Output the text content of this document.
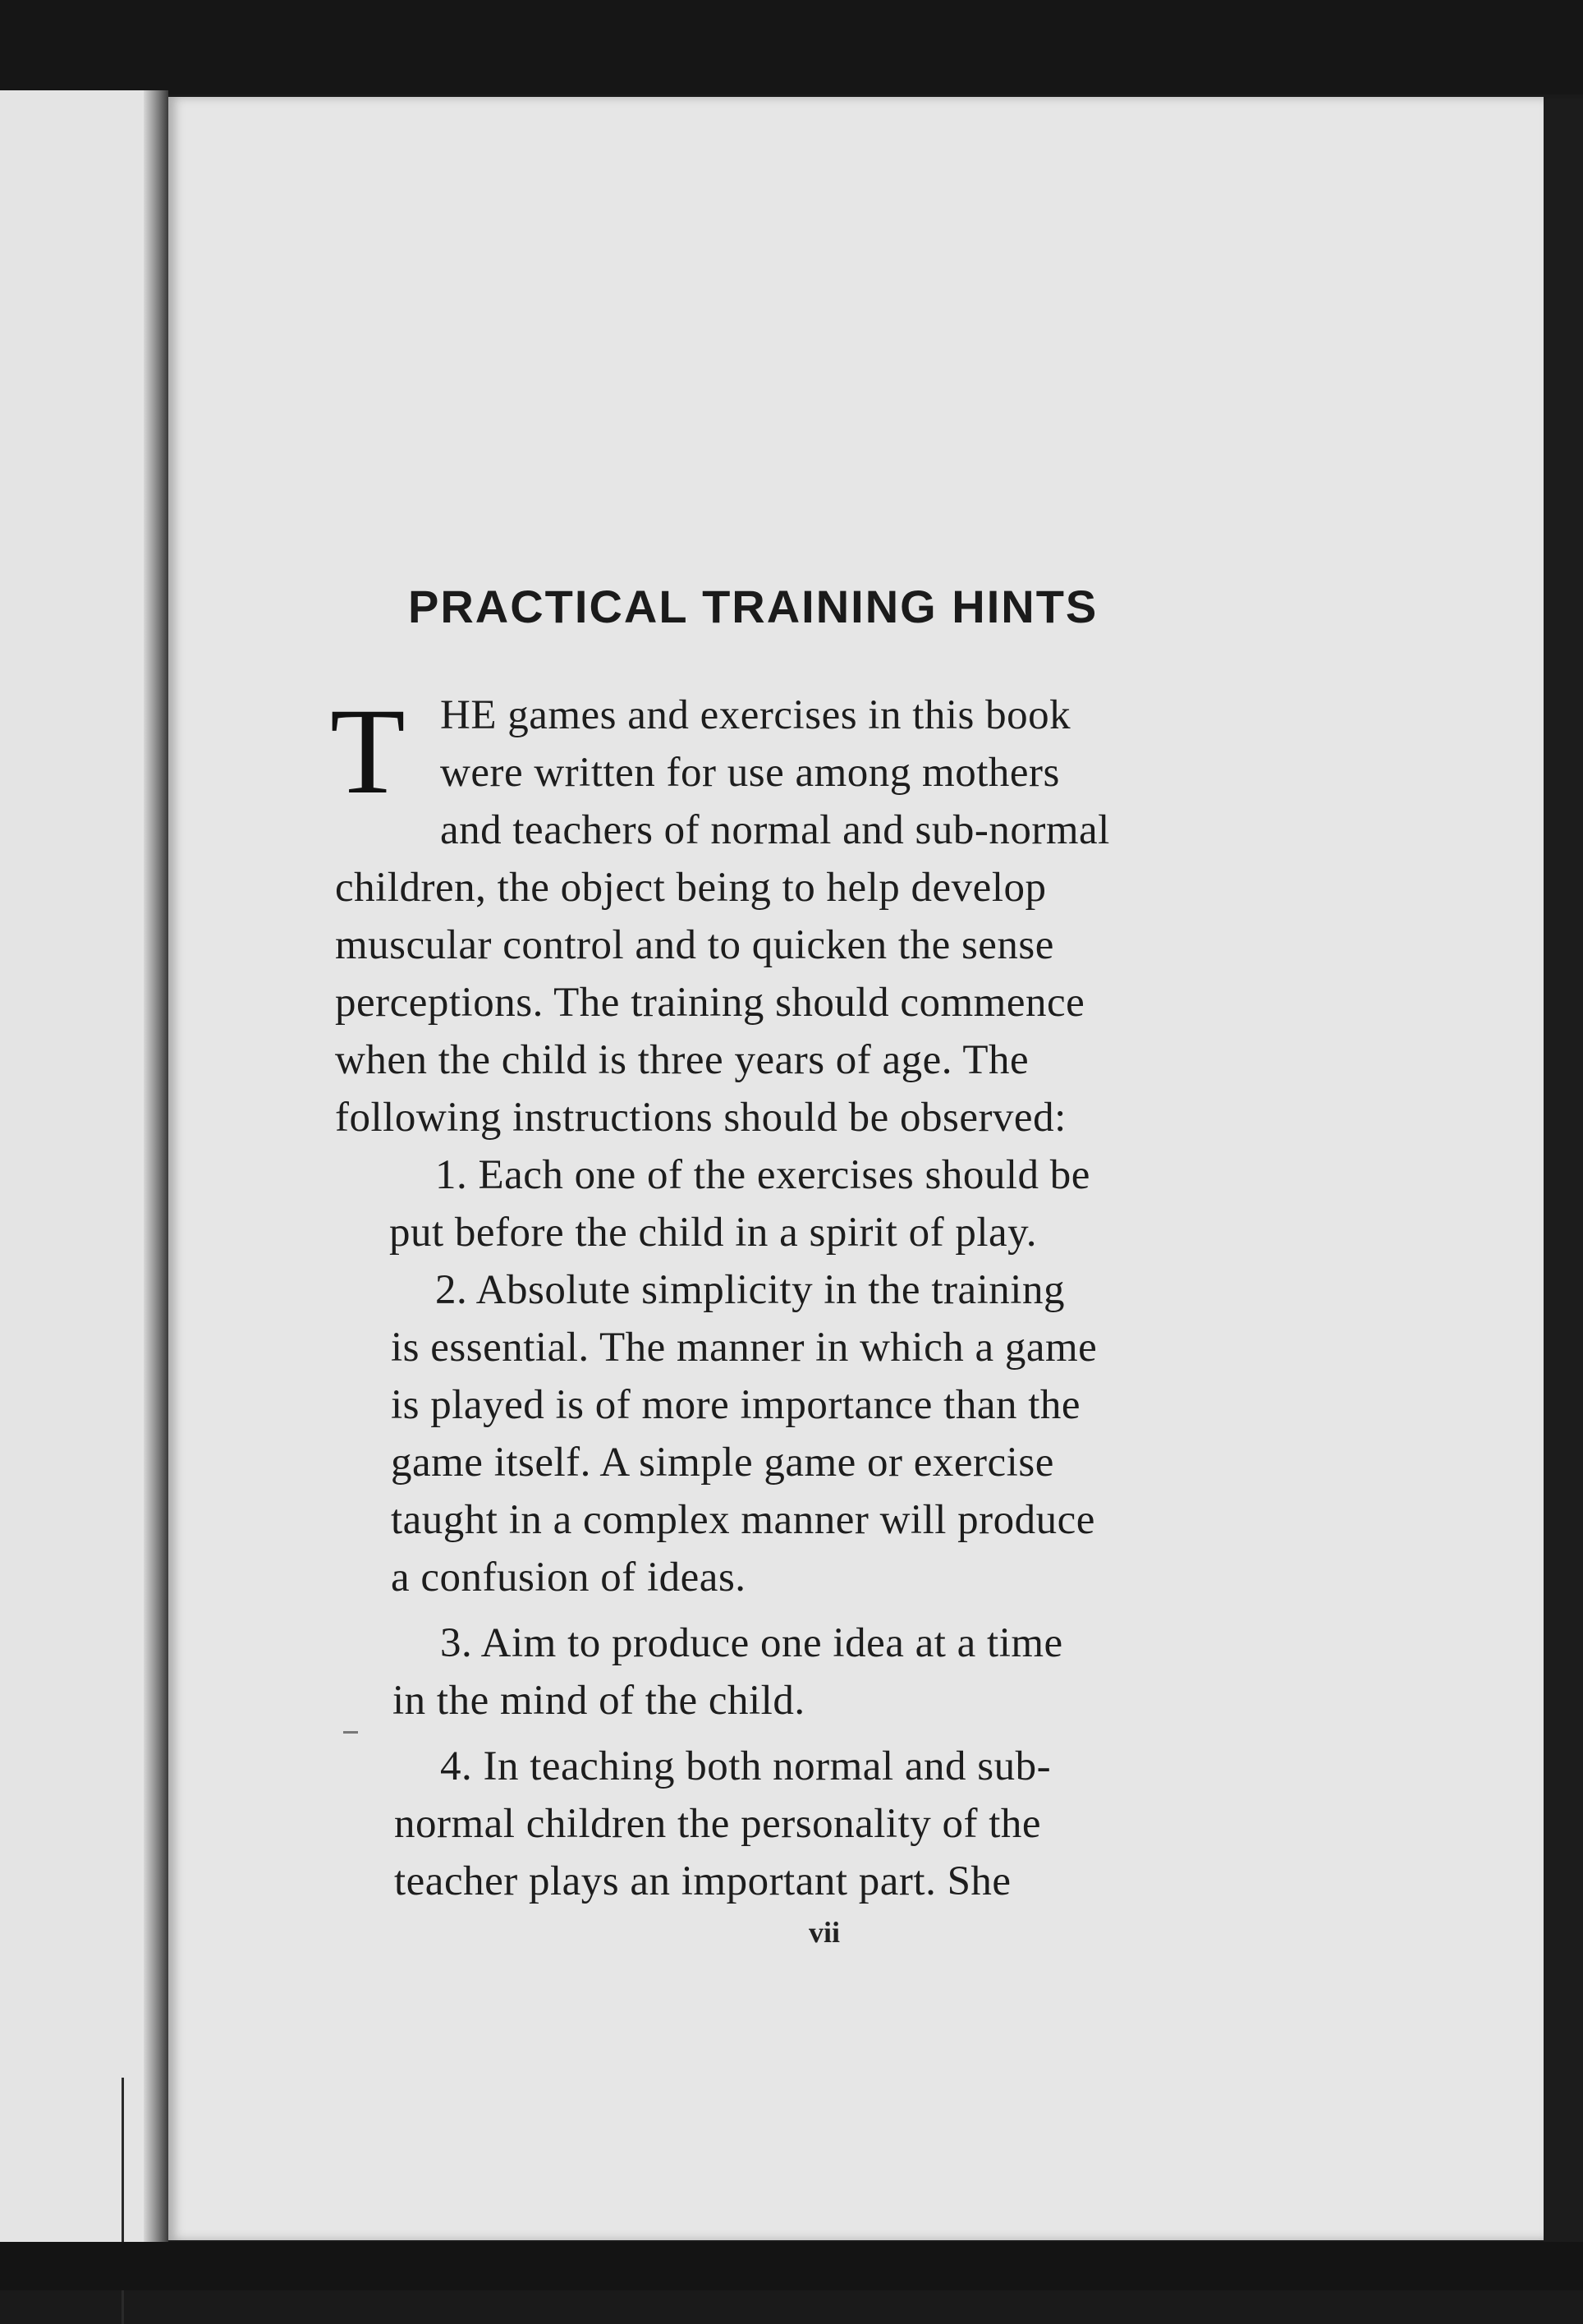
PRACTICAL TRAINING HINTS
T HE games and exercises in this book
were written for use among mothers
and teachers of normal and sub-normal
children, the object being to help develop
muscular control and to quicken the sense
perceptions. The training should commence
when the child is three years of age. The
following instructions should be observed:
1. Each one of the exercises should be
put before the child in a spirit of play.
2. Absolute simplicity in the training
is essential. The manner in which a game
is played is of more importance than the
game itself. A simple game or exercise
taught in a complex manner will produce
a confusion of ideas.
3. Aim to produce one idea at a time
in the mind of the child.
4. In teaching both normal and sub-
normal children the personality of the
teacher plays an important part. She
vii
